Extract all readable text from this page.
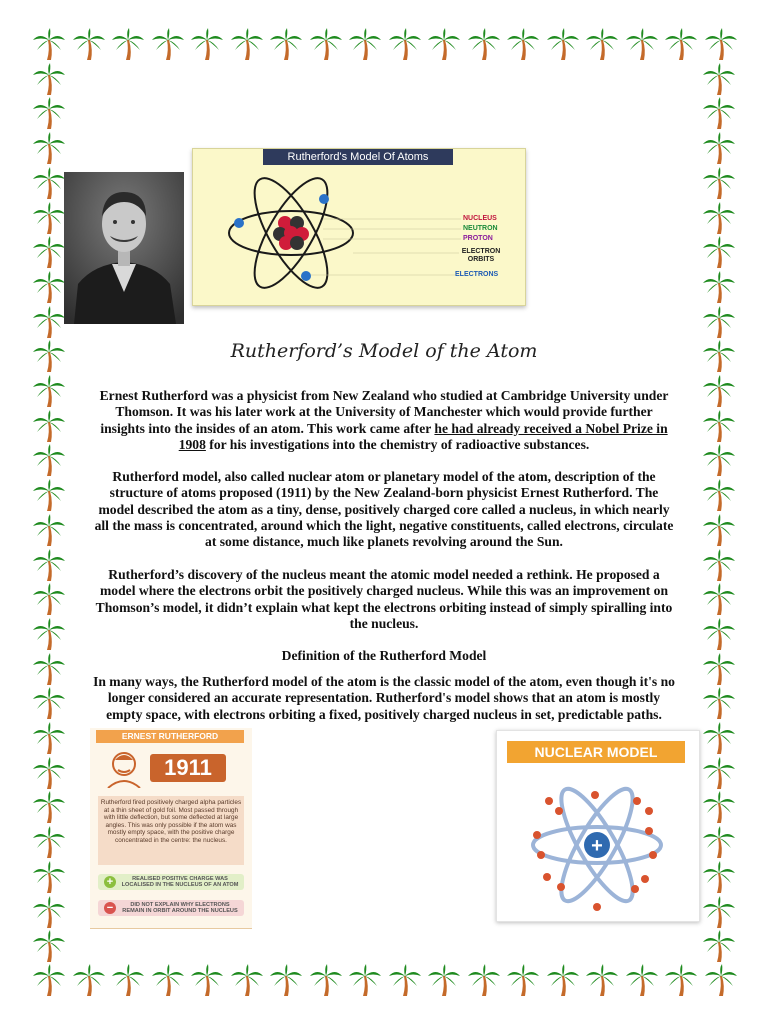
Rutherford's Model Of Atoms
NUCLEUS
NEUTRON
PROTON
ELECTRON ORBITS
ELECTRONS
Rutherford’s Model of the Atom

Ernest Rutherford was a physicist from New Zealand who studied at Cambridge University under Thomson. It was his later work at the University of Manchester which would provide further insights into the insides of an atom. This work came after he had already received a Nobel Prize in 1908 for his investigations into the chemistry of radioactive substances.

Rutherford model, also called nuclear atom or planetary model of the atom, description of the structure of atoms proposed (1911) by the New Zealand-born physicist Ernest Rutherford. The model described the atom as a tiny, dense, positively charged core called a nucleus, in which nearly all the mass is concentrated, around which the light, negative constituents, called electrons, circulate at some distance, much like planets revolving around the Sun.

Rutherford’s discovery of the nucleus meant the atomic model needed a rethink. He proposed a model where the electrons orbit the positively charged nucleus. While this was an improvement on Thomson’s model, it didn’t explain what kept the electrons orbiting instead of simply spiralling into the nucleus.

Definition of the Rutherford Model

In many ways, the Rutherford model of the atom is the classic model of the atom, even though it's no longer considered an accurate representation. Rutherford's model shows that an atom is mostly empty space, with electrons orbiting a fixed, positively charged nucleus in set, predictable paths.

ERNEST RUTHERFORD
1911
Rutherford fired positively charged alpha particles at a thin sheet of gold foil. Most passed through with little deflection, but some deflected at large angles. This was only possible if the atom was mostly empty space, with the positive charge concentrated in the centre: the nucleus.
+	REALISED POSITIVE CHARGE WAS LOCALISED IN THE NUCLEUS OF AN ATOM
−	DID NOT EXPLAIN WHY ELECTRONS REMAIN IN ORBIT AROUND THE NUCLEUS
NUCLEAR MODEL
+
